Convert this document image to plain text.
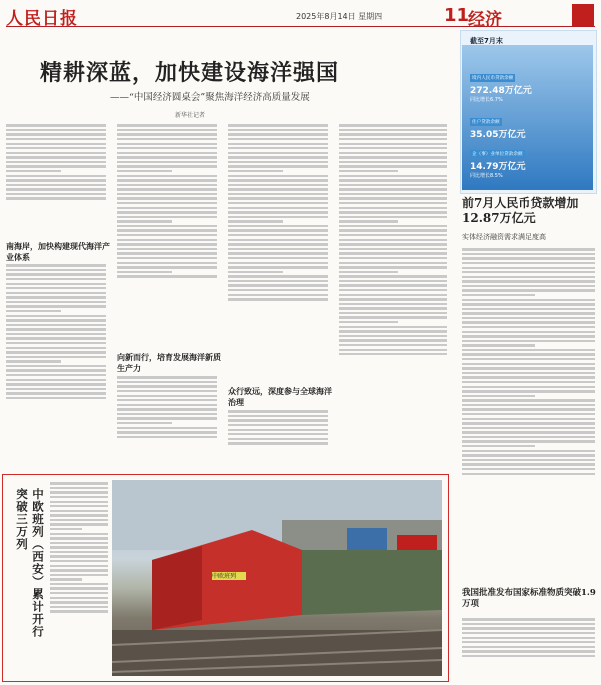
人民日报	2025年8月14日 星期四	11
经济
精耕深蓝，加快建设海洋强国
——“中国经济圆桌会”聚焦海洋经济高质量发展
新华社记者
南海岸，加快构建现代海洋产业体系
向新而行，培育发展海洋新质生产力
众行致远，深度参与全球海洋治理
中欧班列（西安）累计开行突破三万列
中欧班列
截至7月末
境内人民币贷款余额
272.48万亿元
同比增长6.7%
住户贷款余额
35.05万亿元
企（事）业单位贷款余额
14.79万亿元
同比增长8.5%
前7月人民币贷款增加12.87万亿元
实体经济融资需求满足度高
我国批准发布国家标准物质突破1.9万项
